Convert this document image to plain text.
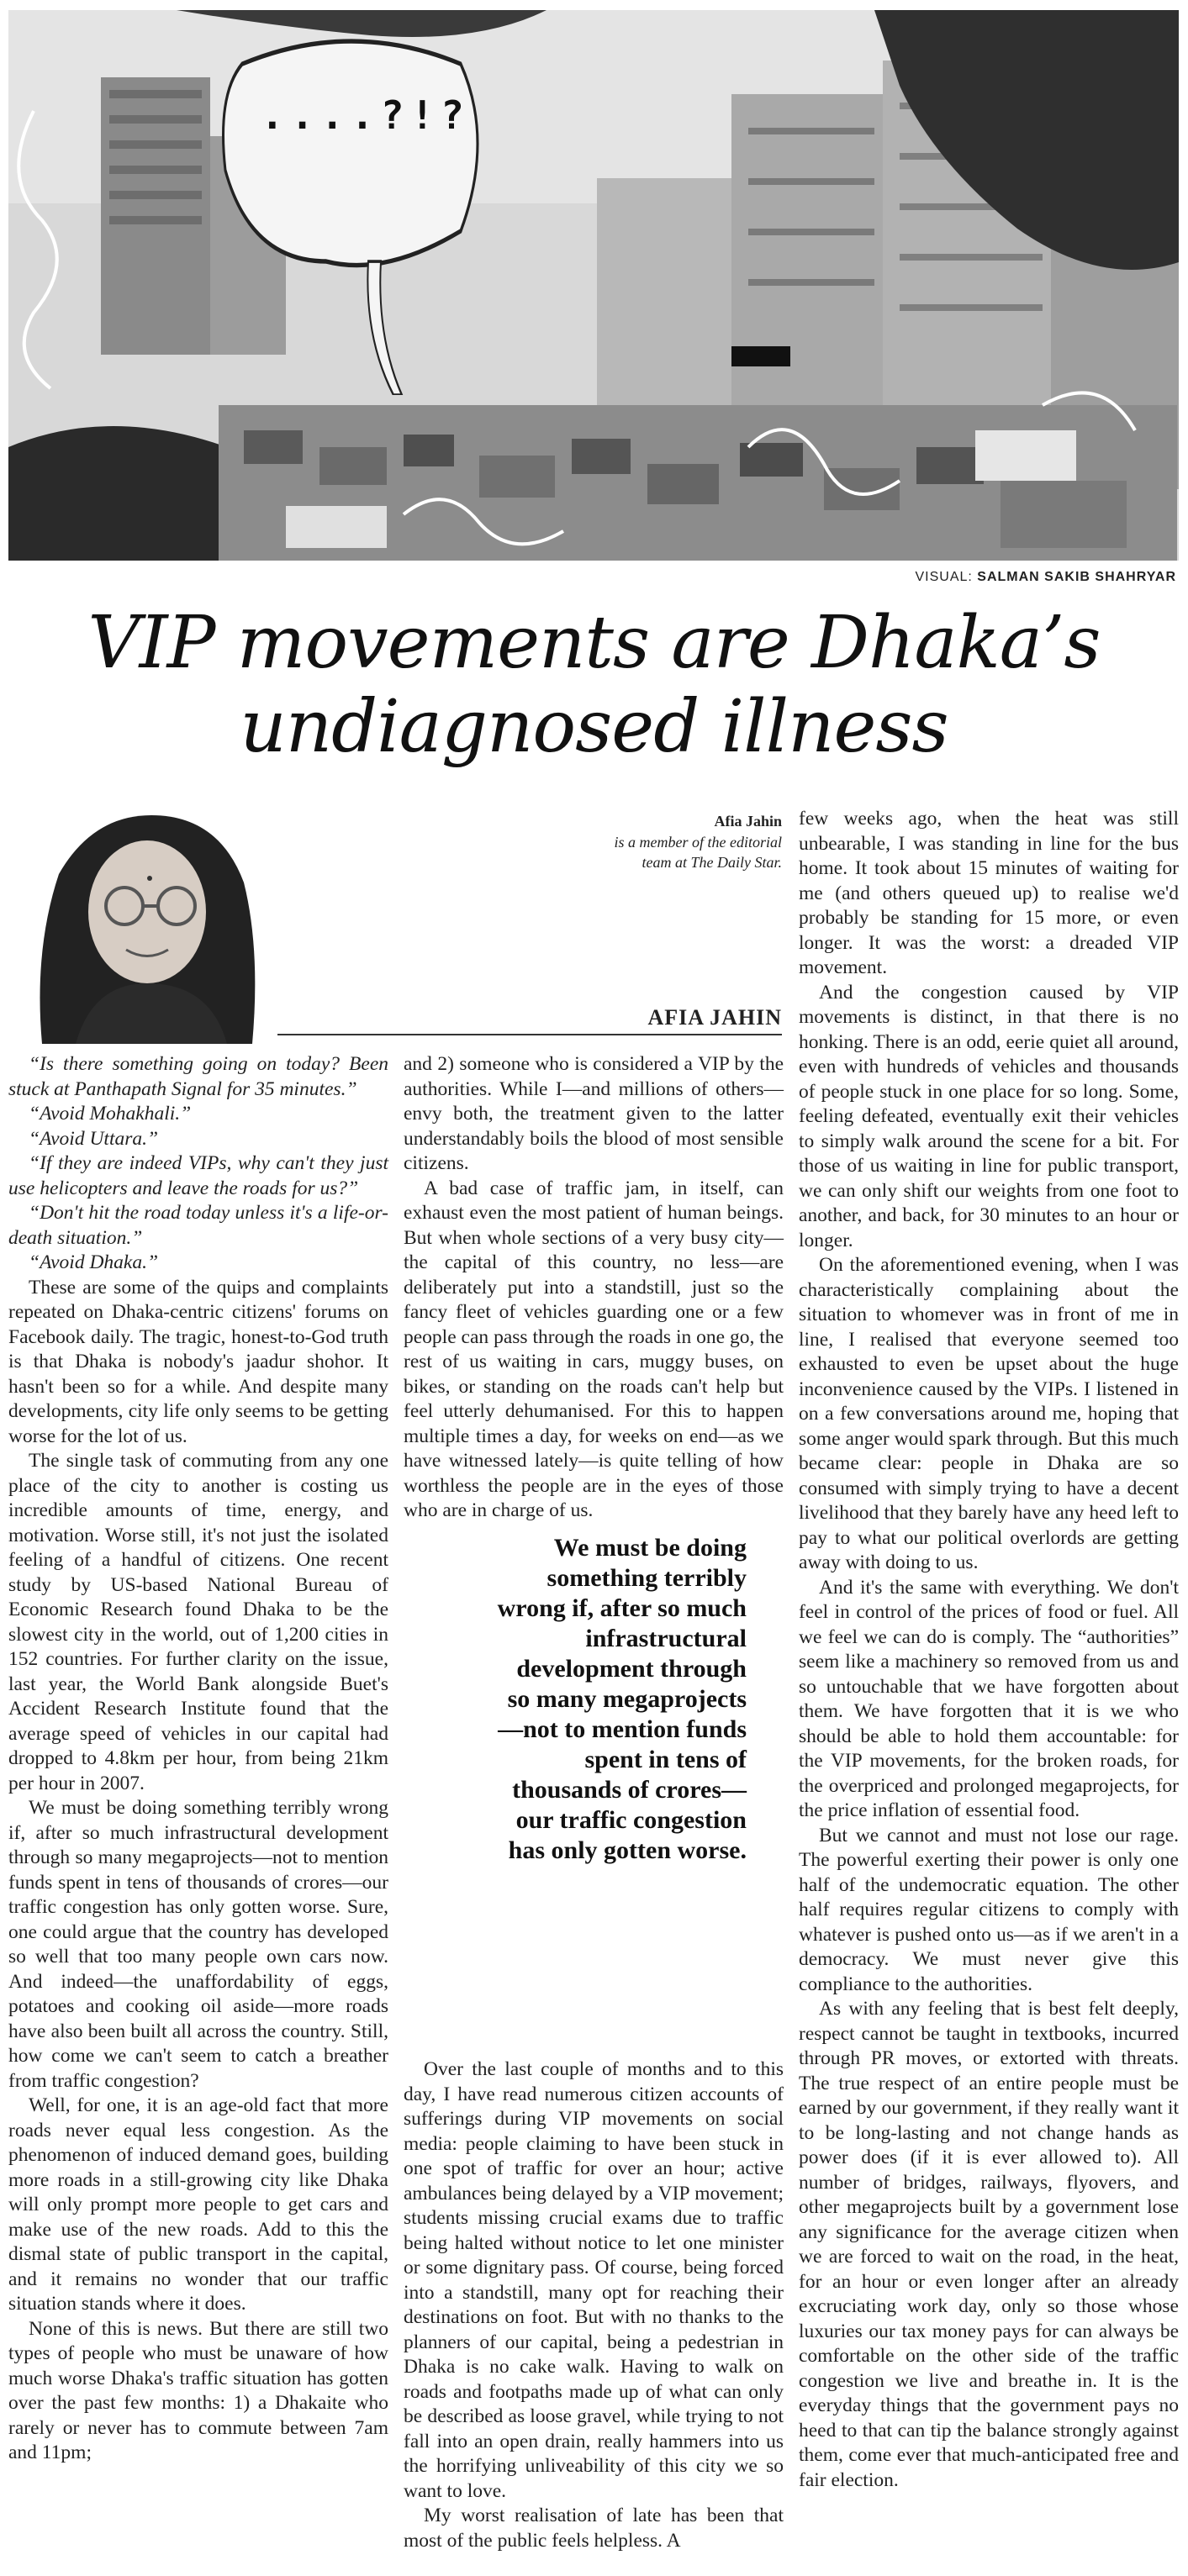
....?!?
VISUAL: SALMAN SAKIB SHAHRYAR
VIP movements are Dhaka’s
undiagnosed illness
Afia Jahin
is a member of the editorial
team at The Daily Star.
AFIA JAHIN

“Is there something going on today? Been stuck at Panthapath Signal for 35 minutes.”

“Avoid Mohakhali.”

“Avoid Uttara.”

“If they are indeed VIPs, why can't they just use helicopters and leave the roads for us?”

“Don't hit the road today unless it's a life-or-death situation.”

“Avoid Dhaka.”

These are some of the quips and complaints repeated on Dhaka-centric citizens' forums on Facebook daily. The tragic, honest-to-God truth is that Dhaka is nobody's jaadur shohor. It hasn't been so for a while. And despite many developments, city life only seems to be getting worse for the lot of us.

The single task of commuting from any one place of the city to another is costing us incredible amounts of time, energy, and motivation. Worse still, it's not just the isolated feeling of a handful of citizens. One recent study by US-based National Bureau of Economic Research found Dhaka to be the slowest city in the world, out of 1,200 cities in 152 countries. For further clarity on the issue, last year, the World Bank alongside Buet's Accident Research Institute found that the average speed of vehicles in our capital had dropped to 4.8km per hour, from being 21km per hour in 2007.

We must be doing something terribly wrong if, after so much infrastructural development through so many megaprojects—not to mention funds spent in tens of thousands of crores—our traffic congestion has only gotten worse. Sure, one could argue that the country has developed so well that too many people own cars now. And indeed—the unaffordability of eggs, potatoes and cooking oil aside—more roads have also been built all across the country. Still, how come we can't seem to catch a breather from traffic congestion?

Well, for one, it is an age-old fact that more roads never equal less congestion. As the phenomenon of induced demand goes, building more roads in a still-growing city like Dhaka will only prompt more people to get cars and make use of the new roads. Add to this the dismal state of public transport in the capital, and it remains no wonder that our traffic situation stands where it does.

None of this is news. But there are still two types of people who must be unaware of how much worse Dhaka's traffic situation has gotten over the past few months: 1) a Dhakaite who rarely or never has to commute between 7am and 11pm;

and 2) someone who is considered a VIP by the authorities. While I—and millions of others—envy both, the treatment given to the latter understandably boils the blood of most sensible citizens.

A bad case of traffic jam, in itself, can exhaust even the most patient of human beings. But when whole sections of a very busy city—the capital of this country, no less—are deliberately put into a standstill, just so the fancy fleet of vehicles guarding one or a few people can pass through the roads in one go, the rest of us waiting in cars, muggy buses, on bikes, or standing on the roads can't help but feel utterly dehumanised. For this to happen multiple times a day, for weeks on end—as we have witnessed lately—is quite telling of how worthless the people are in the eyes of those who are in charge of us.

We must be doing something terribly wrong if, after so much infrastructural development through so many megaprojects—not to mention funds spent in tens of thousands of crores—our traffic congestion has only gotten worse.

Over the last couple of months and to this day, I have read numerous citizen accounts of sufferings during VIP movements on social media: people claiming to have been stuck in one spot of traffic for over an hour; active ambulances being delayed by a VIP movement; students missing crucial exams due to traffic being halted without notice to let one minister or some dignitary pass. Of course, being forced into a standstill, many opt for reaching their destinations on foot. But with no thanks to the planners of our capital, being a pedestrian in Dhaka is no cake walk. Having to walk on roads and footpaths made up of what can only be described as loose gravel, while trying to not fall into an open drain, really hammers into us the horrifying unliveability of this city we so want to love.

My worst realisation of late has been that most of the public feels helpless. A

few weeks ago, when the heat was still unbearable, I was standing in line for the bus home. It took about 15 minutes of waiting for me (and others queued up) to realise we'd probably be standing for 15 more, or even longer. It was the worst: a dreaded VIP movement.

And the congestion caused by VIP movements is distinct, in that there is no honking. There is an odd, eerie quiet all around, even with hundreds of vehicles and thousands of people stuck in one place for so long. Some, feeling defeated, eventually exit their vehicles to simply walk around the scene for a bit. For those of us waiting in line for public transport, we can only shift our weights from one foot to another, and back, for 30 minutes to an hour or longer.

On the aforementioned evening, when I was characteristically complaining about the situation to whomever was in front of me in line, I realised that everyone seemed too exhausted to even be upset about the huge inconvenience caused by the VIPs. I listened in on a few conversations around me, hoping that some anger would spark through. But this much became clear: people in Dhaka are so consumed with simply trying to have a decent livelihood that they barely have any heed left to pay to what our political overlords are getting away with doing to us.

And it's the same with everything. We don't feel in control of the prices of food or fuel. All we feel we can do is comply. The “authorities” seem like a machinery so removed from us and so untouchable that we have forgotten about them. We have forgotten that it is we who should be able to hold them accountable: for the VIP movements, for the broken roads, for the overpriced and prolonged megaprojects, for the price inflation of essential food.

But we cannot and must not lose our rage. The powerful exerting their power is only one half of the undemocratic equation. The other half requires regular citizens to comply with whatever is pushed onto us—as if we aren't in a democracy. We must never give this compliance to the authorities.

As with any feeling that is best felt deeply, respect cannot be taught in textbooks, incurred through PR moves, or extorted with threats. The true respect of an entire people must be earned by our government, if they really want it to be long-lasting and not change hands as power does (if it is ever allowed to). All number of bridges, railways, flyovers, and other megaprojects built by a government lose any significance for the average citizen when we are forced to wait on the road, in the heat, for an hour or even longer after an already excruciating work day, only so those whose luxuries our tax money pays for can always be comfortable on the other side of the traffic congestion we live and breathe in. It is the everyday things that the government pays no heed to that can tip the balance strongly against them, come ever that much-anticipated free and fair election.
